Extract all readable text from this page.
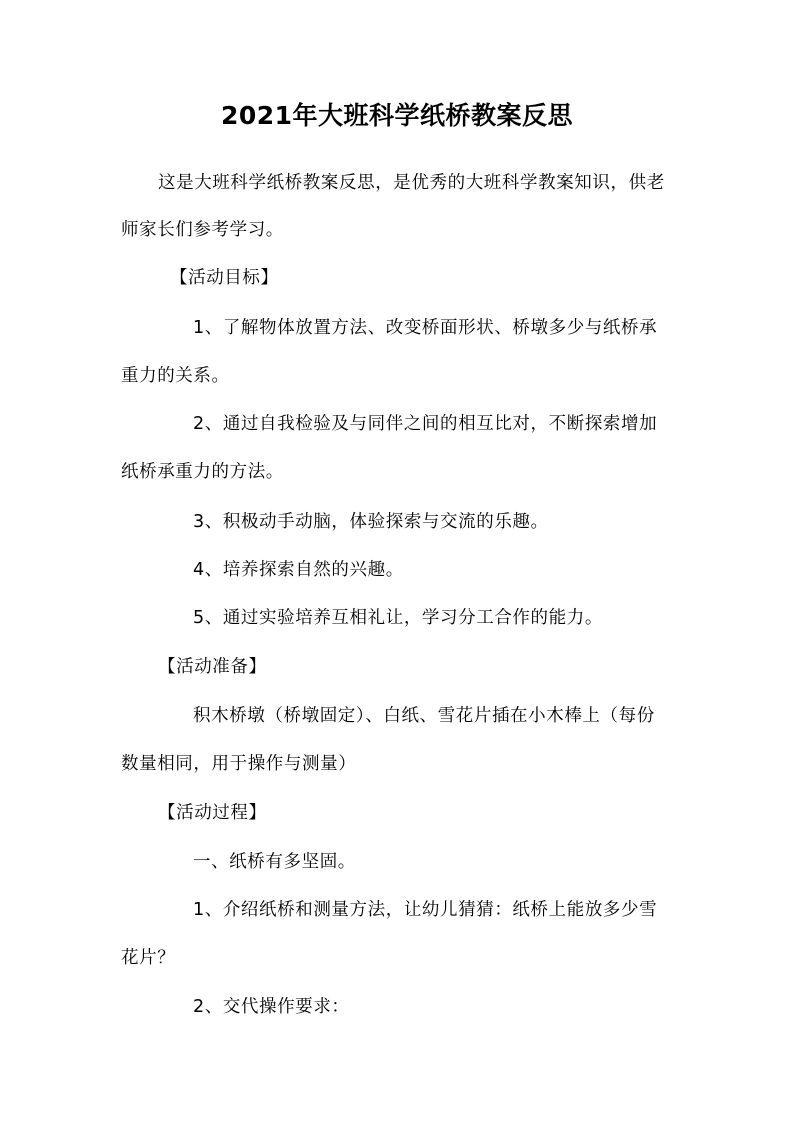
2021年大班科学纸桥教案反思
这是大班科学纸桥教案反思，是优秀的大班科学教案知识，供老
师家长们参考学习。
【活动目标】
1、了解物体放置方法、改变桥面形状、桥墩多少与纸桥承
重力的关系。
2、通过自我检验及与同伴之间的相互比对，不断探索增加
纸桥承重力的方法。
3、积极动手动脑，体验探索与交流的乐趣。
4、培养探索自然的兴趣。
5、通过实验培养互相礼让，学习分工合作的能力。
【活动准备】
积木桥墩（桥墩固定）、白纸、雪花片插在小木棒上（每份
数量相同，用于操作与测量）
【活动过程】
一、纸桥有多坚固。
1、介绍纸桥和测量方法，让幼儿猜猜：纸桥上能放多少雪
花片？
2、交代操作要求：
